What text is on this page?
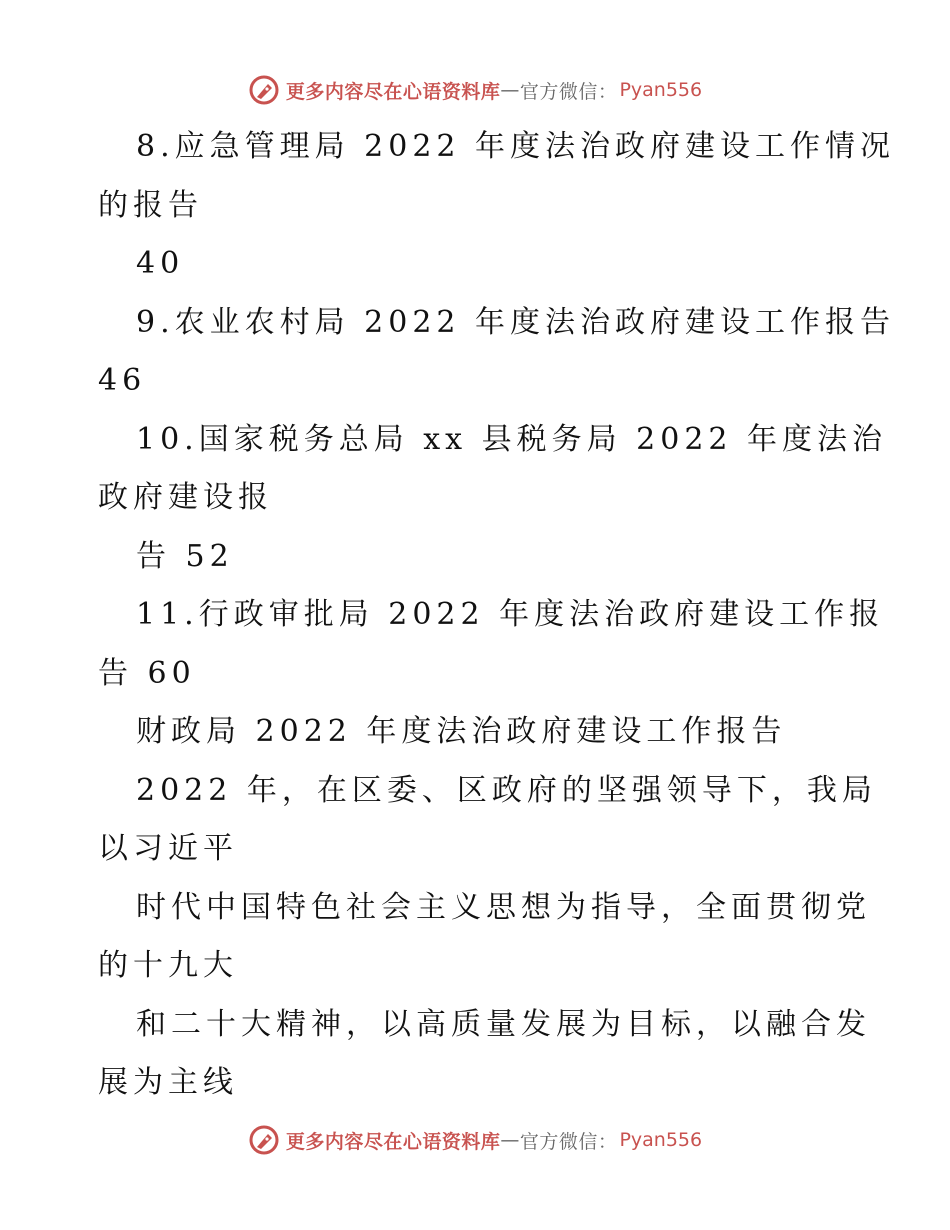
更多内容尽在心语资料库 — 官方微信： Pyan556
8.应急管理局 2022 年度法治政府建设工作情况
的报告
40
9.农业农村局 2022 年度法治政府建设工作报告
46
10.国家税务总局 xx 县税务局 2022 年度法治
政府建设报
告 52
11.行政审批局 2022 年度法治政府建设工作报
告 60
财政局 2022 年度法治政府建设工作报告
2022 年，在区委、区政府的坚强领导下，我局
以习近平
时代中国特色社会主义思想为指导，全面贯彻党
的十九大
和二十大精神，以高质量发展为目标，以融合发
展为主线
更多内容尽在心语资料库 — 官方微信： Pyan556
